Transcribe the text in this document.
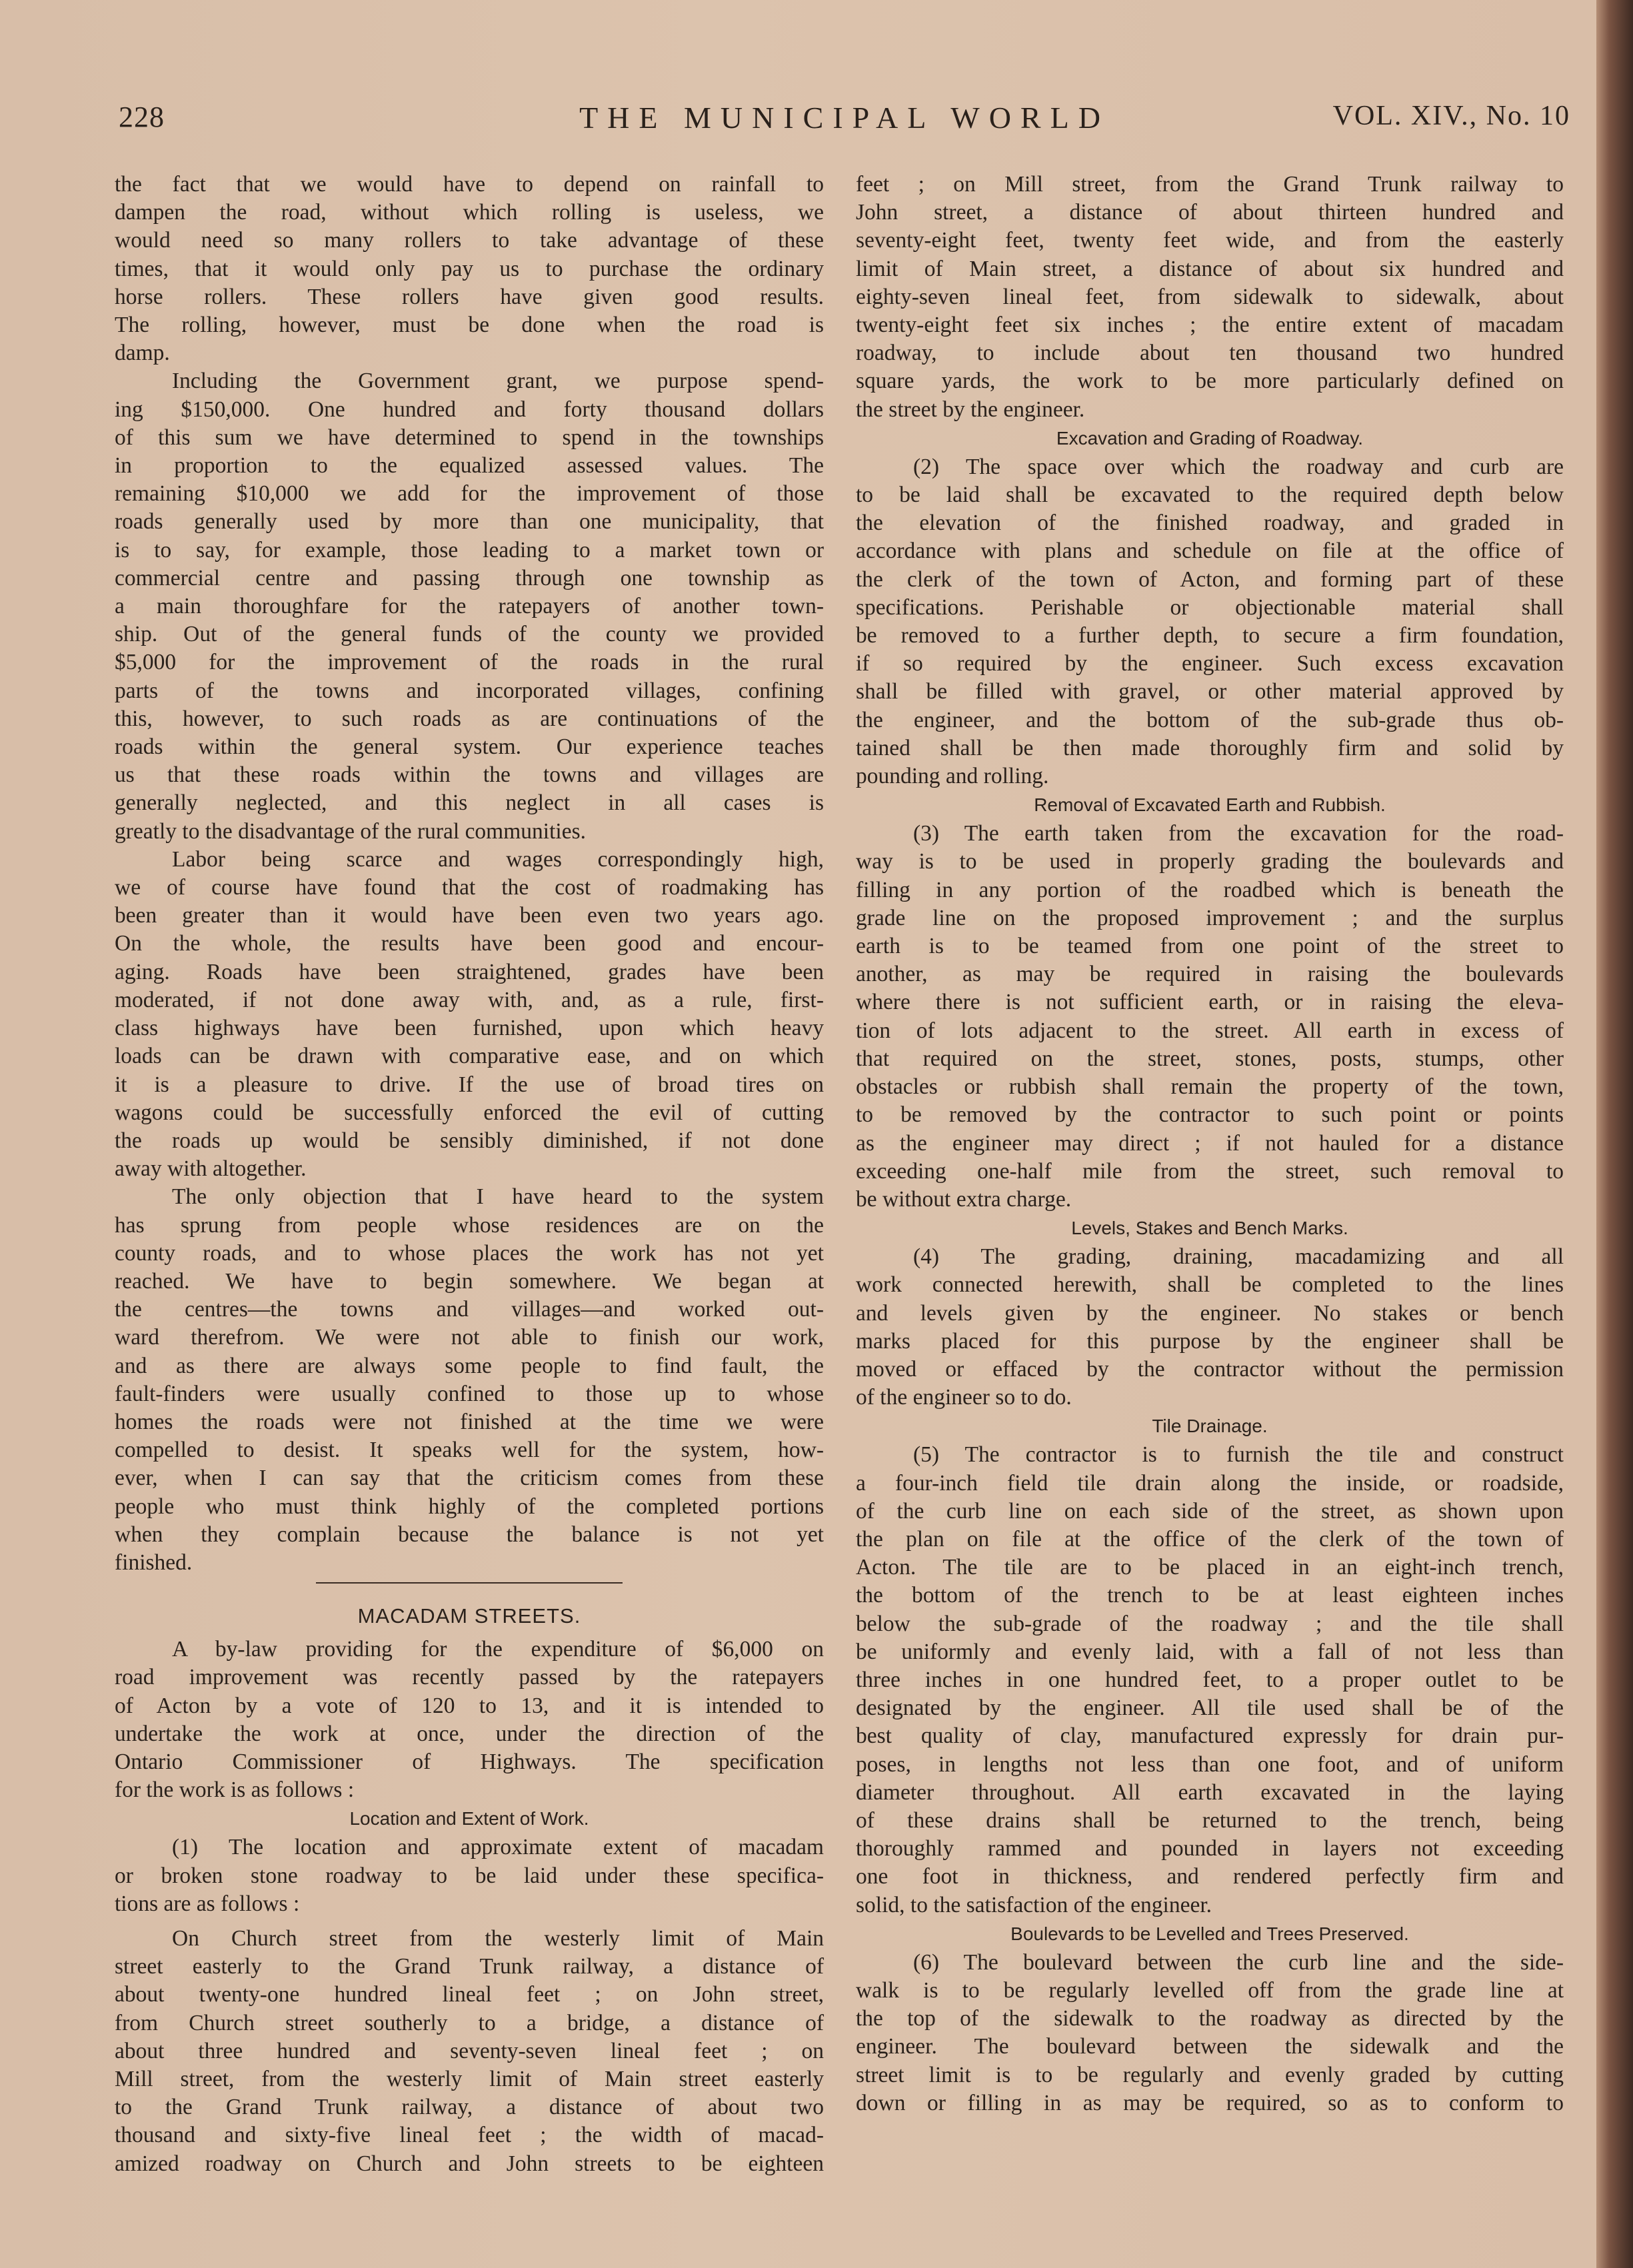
228	THE MUNICIPAL WORLD	VOL. XIV., No. 10

the fact that we would have to depend on rainfall to

dampen the road, without which rolling is useless, we

would need so many rollers to take advantage of these

times, that it would only pay us to purchase the ordinary

horse rollers. These rollers have given good results.

The rolling, however, must be done when the road is

damp.

Including the Government grant, we purpose spend-

ing $150,000. One hundred and forty thousand dollars

of this sum we have determined to spend in the townships

in proportion to the equalized assessed values. The

remaining $10,000 we add for the improvement of those

roads generally used by more than one municipality, that

is to say, for example, those leading to a market town or

commercial centre and passing through one township as

a main thoroughfare for the ratepayers of another town-

ship. Out of the general funds of the county we provided

$5,000 for the improvement of the roads in the rural

parts of the towns and incorporated villages, confining

this, however, to such roads as are continuations of the

roads within the general system. Our experience teaches

us that these roads within the towns and villages are

generally neglected, and this neglect in all cases is

greatly to the disadvantage of the rural communities.

Labor being scarce and wages correspondingly high,

we of course have found that the cost of roadmaking has

been greater than it would have been even two years ago.

On the whole, the results have been good and encour-

aging. Roads have been straightened, grades have been

moderated, if not done away with, and, as a rule, first-

class highways have been furnished, upon which heavy

loads can be drawn with comparative ease, and on which

it is a pleasure to drive. If the use of broad tires on

wagons could be successfully enforced the evil of cutting

the roads up would be sensibly diminished, if not done

away with altogether.

The only objection that I have heard to the system

has sprung from people whose residences are on the

county roads, and to whose places the work has not yet

reached. We have to begin somewhere. We began at

the centres—the towns and villages—and worked out-

ward therefrom. We were not able to finish our work,

and as there are always some people to find fault, the

fault-finders were usually confined to those up to whose

homes the roads were not finished at the time we were

compelled to desist. It speaks well for the system, how-

ever, when I can say that the criticism comes from these

people who must think highly of the completed portions

when they complain because the balance is not yet

finished.

MACADAM STREETS.

A by-law providing for the expenditure of $6,000 on

road improvement was recently passed by the ratepayers

of Acton by a vote of 120 to 13, and it is intended to

undertake the work at once, under the direction of the

Ontario Commissioner of Highways. The specification

for the work is as follows :

Location and Extent of Work.

(1) The location and approximate extent of macadam

or broken stone roadway to be laid under these specifica-

tions are as follows :

On Church street from the westerly limit of Main

street easterly to the Grand Trunk railway, a distance of

about twenty-one hundred lineal feet ; on John street,

from Church street southerly to a bridge, a distance of

about three hundred and seventy-seven lineal feet ; on

Mill street, from the westerly limit of Main street easterly

to the Grand Trunk railway, a distance of about two

thousand and sixty-five lineal feet ; the width of macad-

amized roadway on Church and John streets to be eighteen

feet ; on Mill street, from the Grand Trunk railway to

John street, a distance of about thirteen hundred and

seventy-eight feet, twenty feet wide, and from the easterly

limit of Main street, a distance of about six hundred and

eighty-seven lineal feet, from sidewalk to sidewalk, about

twenty-eight feet six inches ; the entire extent of macadam

roadway, to include about ten thousand two hundred

square yards, the work to be more particularly defined on

the street by the engineer.

Excavation and Grading of Roadway.

(2) The space over which the roadway and curb are

to be laid shall be excavated to the required depth below

the elevation of the finished roadway, and graded in

accordance with plans and schedule on file at the office of

the clerk of the town of Acton, and forming part of these

specifications. Perishable or objectionable material shall

be removed to a further depth, to secure a firm foundation,

if so required by the engineer. Such excess excavation

shall be filled with gravel, or other material approved by

the engineer, and the bottom of the sub-grade thus ob-

tained shall be then made thoroughly firm and solid by

pounding and rolling.

Removal of Excavated Earth and Rubbish.

(3) The earth taken from the excavation for the road-

way is to be used in properly grading the boulevards and

filling in any portion of the roadbed which is beneath the

grade line on the proposed improvement ; and the surplus

earth is to be teamed from one point of the street to

another, as may be required in raising the boulevards

where there is not sufficient earth, or in raising the eleva-

tion of lots adjacent to the street. All earth in excess of

that required on the street, stones, posts, stumps, other

obstacles or rubbish shall remain the property of the town,

to be removed by the contractor to such point or points

as the engineer may direct ; if not hauled for a distance

exceeding one-half mile from the street, such removal to

be without extra charge.

Levels, Stakes and Bench Marks.

(4) The grading, draining, macadamizing and all

work connected herewith, shall be completed to the lines

and levels given by the engineer. No stakes or bench

marks placed for this purpose by the engineer shall be

moved or effaced by the contractor without the permission

of the engineer so to do.

Tile Drainage.

(5) The contractor is to furnish the tile and construct

a four-inch field tile drain along the inside, or roadside,

of the curb line on each side of the street, as shown upon

the plan on file at the office of the clerk of the town of

Acton. The tile are to be placed in an eight-inch trench,

the bottom of the trench to be at least eighteen inches

below the sub-grade of the roadway ; and the tile shall

be uniformly and evenly laid, with a fall of not less than

three inches in one hundred feet, to a proper outlet to be

designated by the engineer. All tile used shall be of the

best quality of clay, manufactured expressly for drain pur-

poses, in lengths not less than one foot, and of uniform

diameter throughout. All earth excavated in the laying

of these drains shall be returned to the trench, being

thoroughly rammed and pounded in layers not exceeding

one foot in thickness, and rendered perfectly firm and

solid, to the satisfaction of the engineer.

Boulevards to be Levelled and Trees Preserved.

(6) The boulevard between the curb line and the side-

walk is to be regularly levelled off from the grade line at

the top of the sidewalk to the roadway as directed by the

engineer. The boulevard between the sidewalk and the

street limit is to be regularly and evenly graded by cutting

down or filling in as may be required, so as to conform to
